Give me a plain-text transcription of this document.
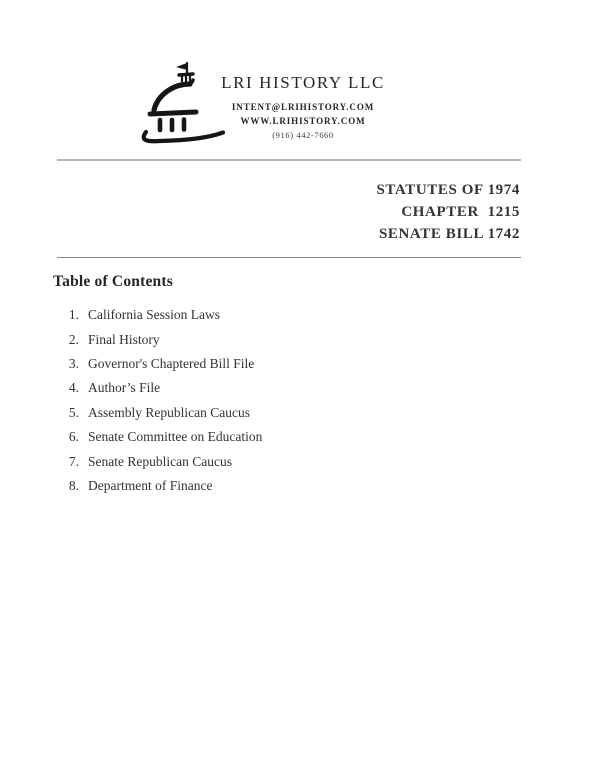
LRI HISTORY LLC
INTENT@LRIHISTORY.COM
WWW.LRIHISTORY.COM
(916) 442-7660
STATUTES OF 1974
CHAPTER  1215
SENATE BILL 1742
Table of Contents
1. California Session Laws
2. Final History
3. Governor's Chaptered Bill File
4. Author’s File
5. Assembly Republican Caucus
6. Senate Committee on Education
7. Senate Republican Caucus
8. Department of Finance
